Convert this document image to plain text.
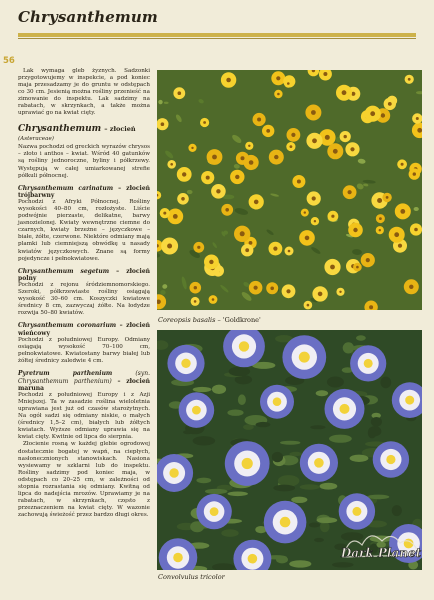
Chrysanthemum
56

Lak wymaga gleb żyznych. Sadzonki przygotowujemy w inspekcie, a pod koniec maja przesadzamy je do gruntu w odstępach co 30 cm. Jesienią można rośliny przenieść na zimowanie do inspektu. Lak sadzimy na rabatach, w skrzynkach, a także można uprawiać go na kwiat cięty.

Chrysanthemum – złocień
(Asteraceae)

Nazwa pochodzi od greckich wyrazów chrysos – złoto i anthos – kwiat. Wśród 40 gatunków są rośliny jednoroczne, byliny i półkrzewy. Występują w całej umiarkowanej strefie półkuli północnej.

Chrysanthemum carinatum – złocień trójbarwny

Pochodzi z Afryki Północnej. Rośliny wysokości 40–80 cm, rozłożyste. Liście podwójnie pierzaste, delikatne, barwy jasnozielonej. Kwiaty wewnętrzne ciemne do czarnych, kwiaty brzeżne – języczkowe – białe, żółte, czerwone. Niektóre odmiany mają plamki lub ciemniejszą obwódkę u nasady kwiatów języczkowych. Znane są formy pojedyncze i pełnokwiatowe.

Chrysanthemum segetum – złocień polny

Pochodzi z rejonu śródziemnomorskiego. Szeroki, półkrzewiaste rośliny osiągają wysokość 30–60 cm. Koszyczki kwiatowe średnicy 8 cm, zazwyczaj żółte. Na łodydze rozwija 50–80 kwiatów.

Chrysanthemum coronarium – złocień wieńcowy

Pochodzi z południowej Europy. Odmiany osiągają wysokość 70–100 cm, pełnokwiatowe. Kwiatostany barwy białej lub żółtej średnicy zaledwie 4 cm.

Pyretrum parthenium	(syn. Chrysanthemum parthenium) – złocień maruna

Pochodzi z południowej Europy i z Azji Mniejszej. Ta w zasadzie roślina wieloletnia uprawiana jest już od czasów starożytnych. Na ogół sadzi się odmiany niskie, o małych (średnicy 1,5–2 cm), białych lub żółtych kwiatach. Wyższe odmiany uprawia się na kwiat cięty. Kwitnie od lipca do sierpnia.

Złocienie rosną w każdej glebie ogrodowej dostatecznie bogatej w wapń, na ciepłych, nasłonecznionych stanowiskach. Nasiona wysiewamy w szklarni lub do inspektu. Rośliny sadzimy pod koniec maja, w odstępach co 20–25 cm, w zależności od stopnia rozrastania się odmiany. Kwitną od lipca do nadejścia mrozów. Uprawiamy je na rabatach, w skrzynkach, często z przeznaczeniem na kwiat cięty. W wazonie zachowują świeżość przez bardzo długi okres.

Coreopsis basalis – 'Goldkrone'
Convolvulus tricolor
Dark Planet
